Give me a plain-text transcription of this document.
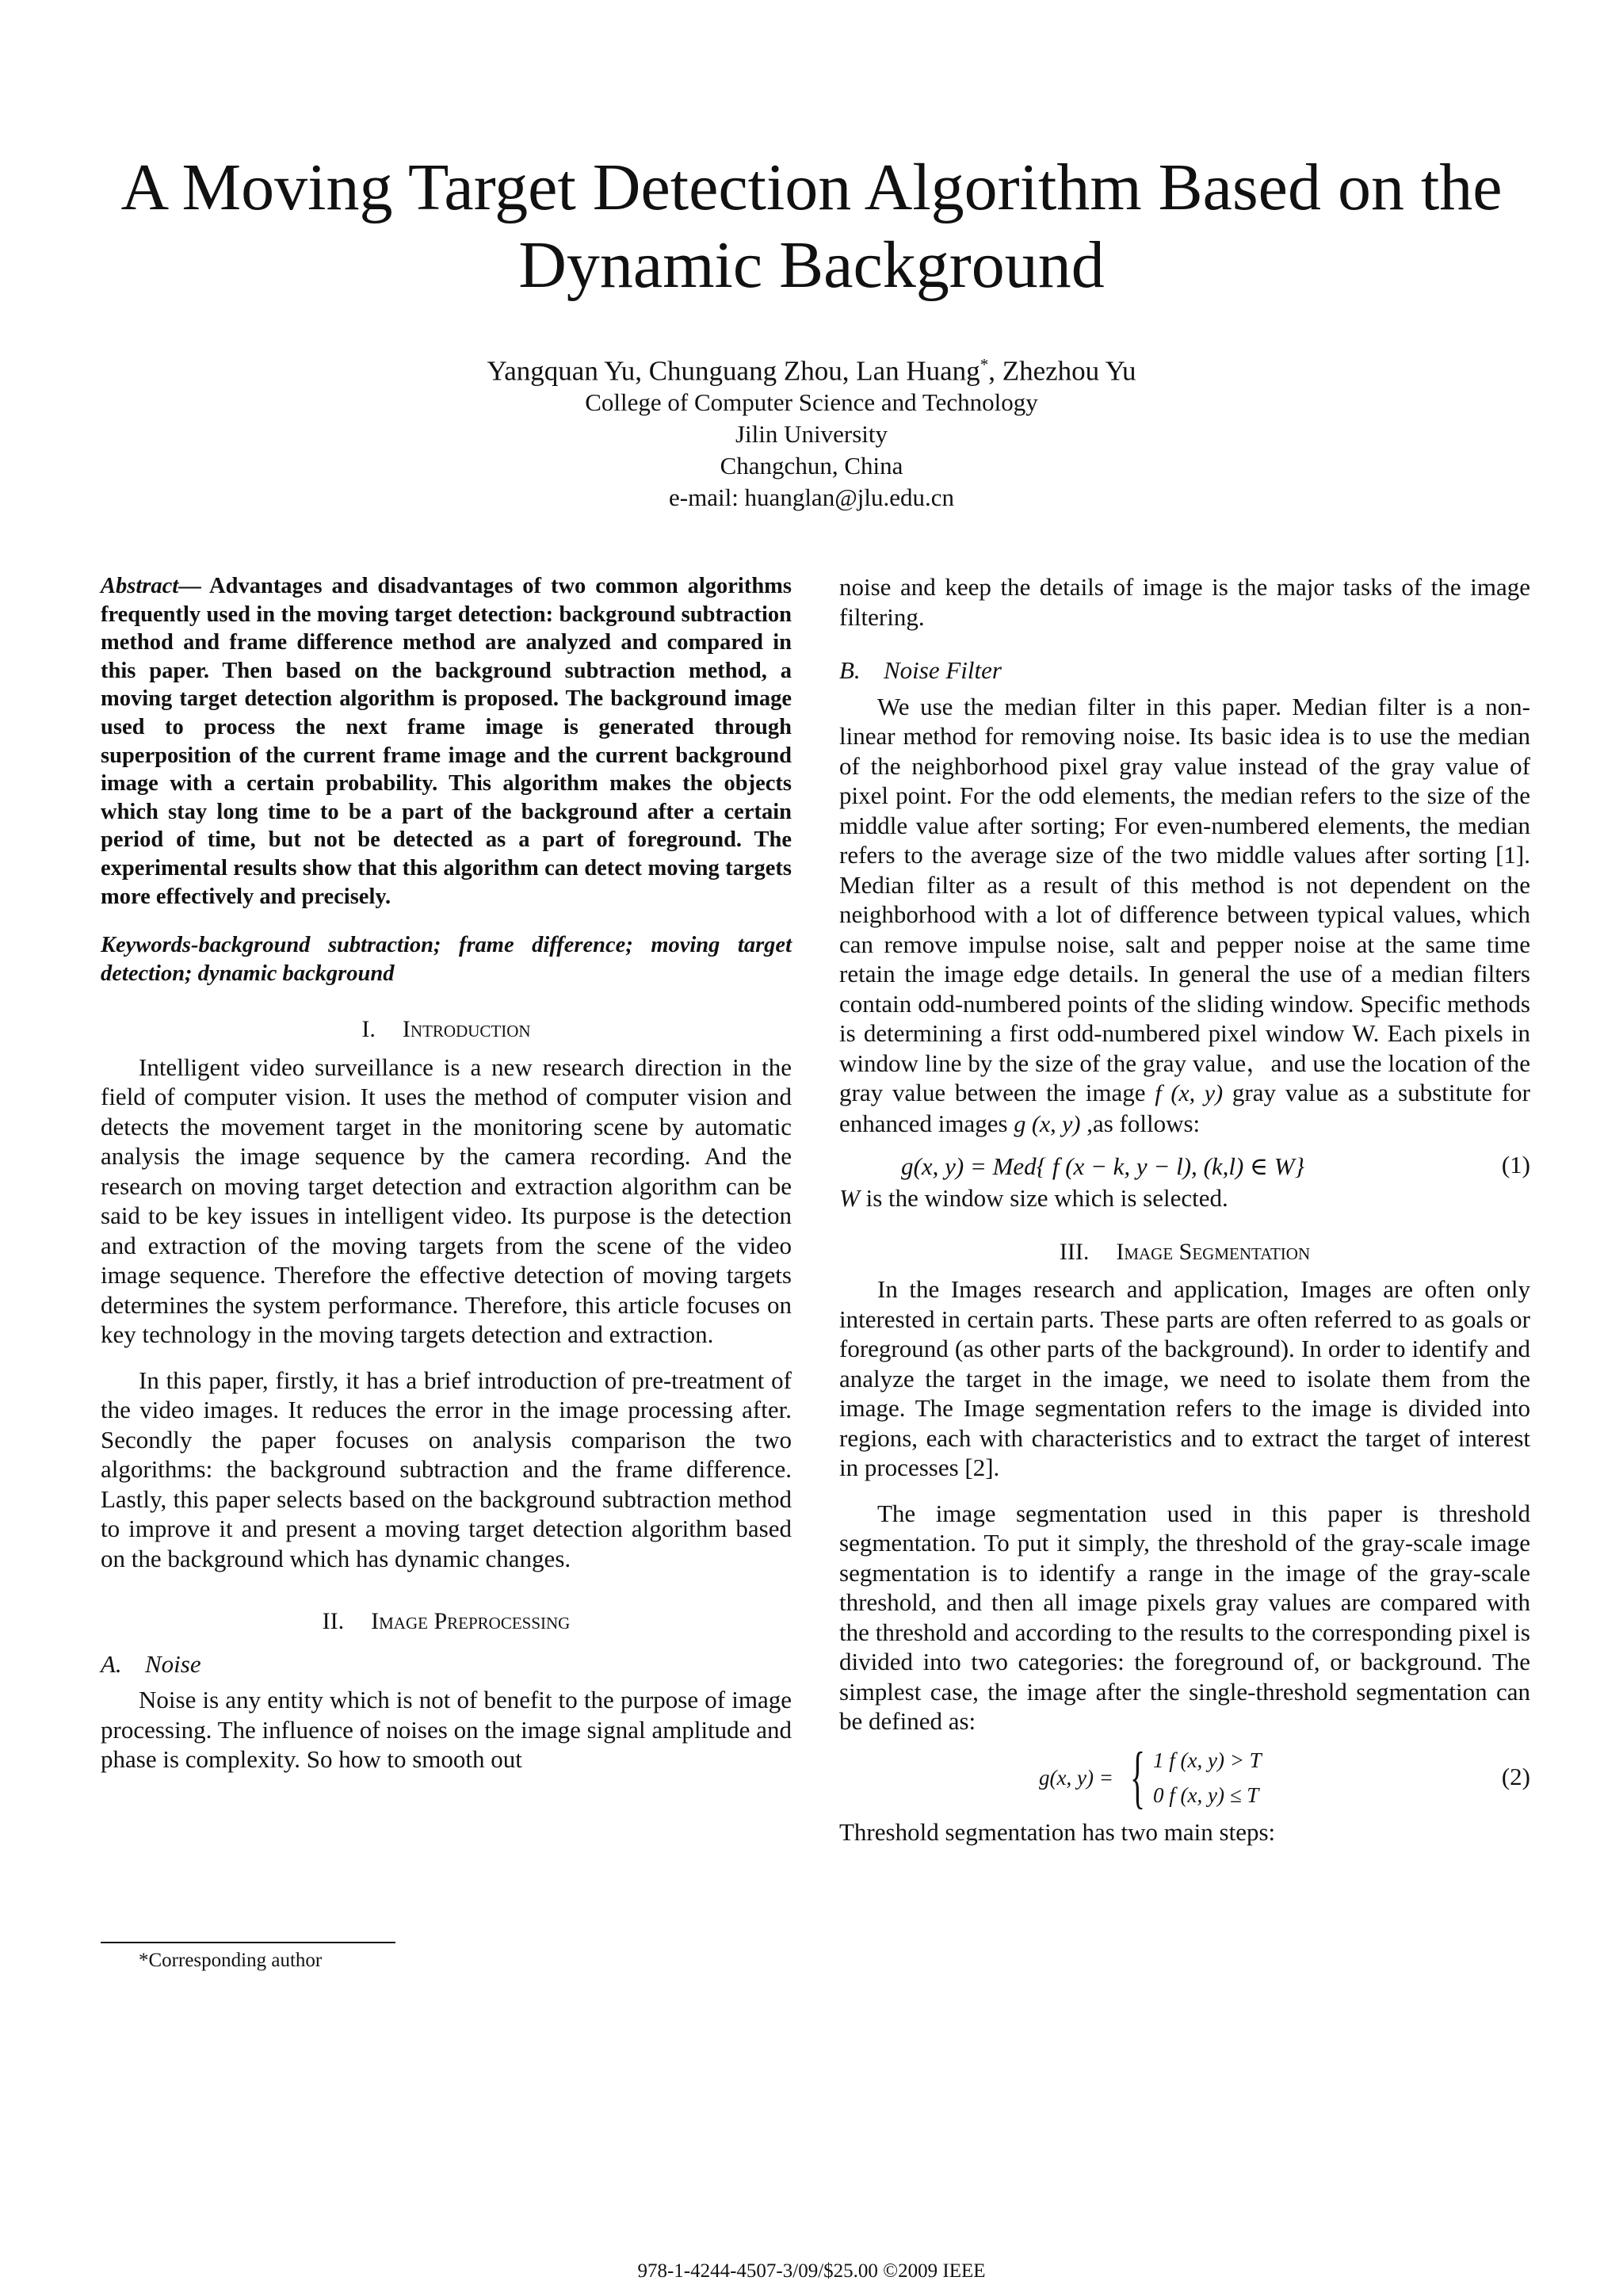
A Moving Target Detection Algorithm Based on the Dynamic Background
Yangquan Yu, Chunguang Zhou, Lan Huang*, Zhezhou Yu
College of Computer Science and Technology
Jilin University
Changchun, China
e-mail: huanglan@jlu.edu.cn

Abstract— Advantages and disadvantages of two common algorithms frequently used in the moving target detection: background subtraction method and frame difference method are analyzed and compared in this paper. Then based on the background subtraction method, a moving target detection algorithm is proposed. The background image used to process the next frame image is generated through superposition of the current frame image and the current background image with a certain probability. This algorithm makes the objects which stay long time to be a part of the background after a certain period of time, but not be detected as a part of foreground. The experimental results show that this algorithm can detect moving targets more effectively and precisely.

Keywords-background subtraction; frame difference; moving target detection; dynamic background

I. Introduction

Intelligent video surveillance is a new research direction in the field of computer vision. It uses the method of computer vision and detects the movement target in the monitoring scene by automatic analysis the image sequence by the camera recording. And the research on moving target detection and extraction algorithm can be said to be key issues in intelligent video. Its purpose is the detection and extraction of the moving targets from the scene of the video image sequence. Therefore the effective detection of moving targets determines the system performance. Therefore, this article focuses on key technology in the moving targets detection and extraction.

In this paper, firstly, it has a brief introduction of pre-treatment of the video images. It reduces the error in the image processing after. Secondly the paper focuses on analysis comparison the two algorithms: the background subtraction and the frame difference. Lastly, this paper selects based on the background subtraction method to improve it and present a moving target detection algorithm based on the background which has dynamic changes.

II. Image Preprocessing
A. Noise

Noise is any entity which is not of benefit to the purpose of image processing. The influence of noises on the image signal amplitude and phase is complexity. So how to smooth out

noise and keep the details of image is the major tasks of the image filtering.

B. Noise Filter

We use the median filter in this paper. Median filter is a non-linear method for removing noise. Its basic idea is to use the median of the neighborhood pixel gray value instead of the gray value of pixel point. For the odd elements, the median refers to the size of the middle value after sorting; For even-numbered elements, the median refers to the average size of the two middle values after sorting [1]. Median filter as a result of this method is not dependent on the neighborhood with a lot of difference between typical values, which can remove impulse noise, salt and pepper noise at the same time retain the image edge details. In general the use of a median filters contain odd-numbered points of the sliding window. Specific methods is determining a first odd-numbered pixel window W. Each pixels in window line by the size of the gray value，and use the location of the gray value between the image f (x, y) gray value as a substitute for enhanced images g (x, y) ,as follows:

g(x, y) = Med{ f (x − k, y − l), (k,l) ∈ W}	(1)

W is the window size which is selected.

III. Image Segmentation

In the Images research and application, Images are often only interested in certain parts. These parts are often referred to as goals or foreground (as other parts of the background). In order to identify and analyze the target in the image, we need to isolate them from the image. The Image segmentation refers to the image is divided into regions, each with characteristics and to extract the target of interest in processes [2].

The image segmentation used in this paper is threshold segmentation. To put it simply, the threshold of the gray-scale image segmentation is to identify a range in the image of the gray-scale threshold, and then all image pixels gray values are compared with the threshold and according to the results to the corresponding pixel is divided into two categories: the foreground of, or background. The simplest case, the image after the single-threshold segmentation can be defined as:

g(x, y) = { 1 f (x, y) > T
0 f (x, y) ≤ T
(2)

Threshold segmentation has two main steps:

*Corresponding author
978-1-4244-4507-3/09/$25.00 ©2009 IEEE
